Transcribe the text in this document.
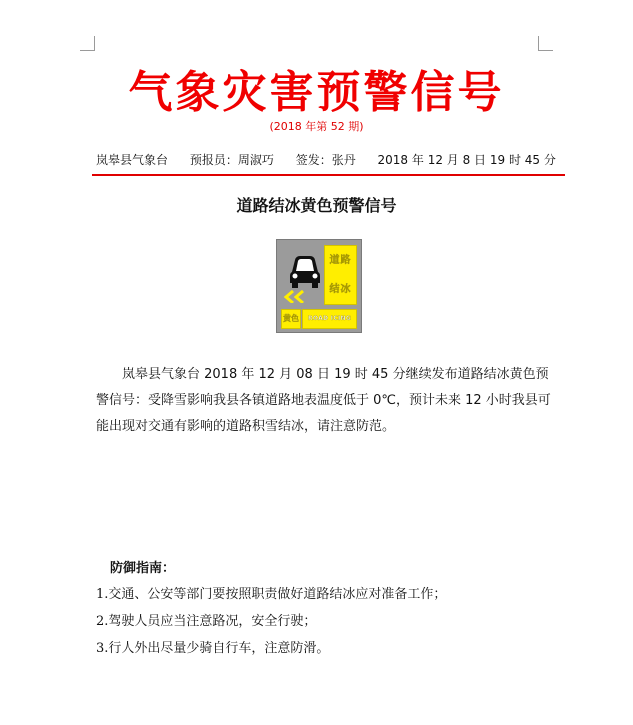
气象灾害预警信号
(2018 年第 52 期)
岚皋县气象台 预报员：周淑巧 签发：张丹 2018 年 12 月 8 日 19 时 45 分
道路结冰黄色预警信号
道路
结冰
黄色	ROAD ICING
岚皋县气象台 2018 年 12 月 08 日 19 时 45 分继续发布道路结冰黄色预警信号：受降雪影响我县各镇道路地表温度低于 0℃，预计未来 12 小时我县可能出现对交通有影响的道路积雪结冰，请注意防范。
防御指南：
1.交通、公安等部门要按照职责做好道路结冰应对准备工作；
2.驾驶人员应当注意路况，安全行驶；
3.行人外出尽量少骑自行车，注意防滑。
